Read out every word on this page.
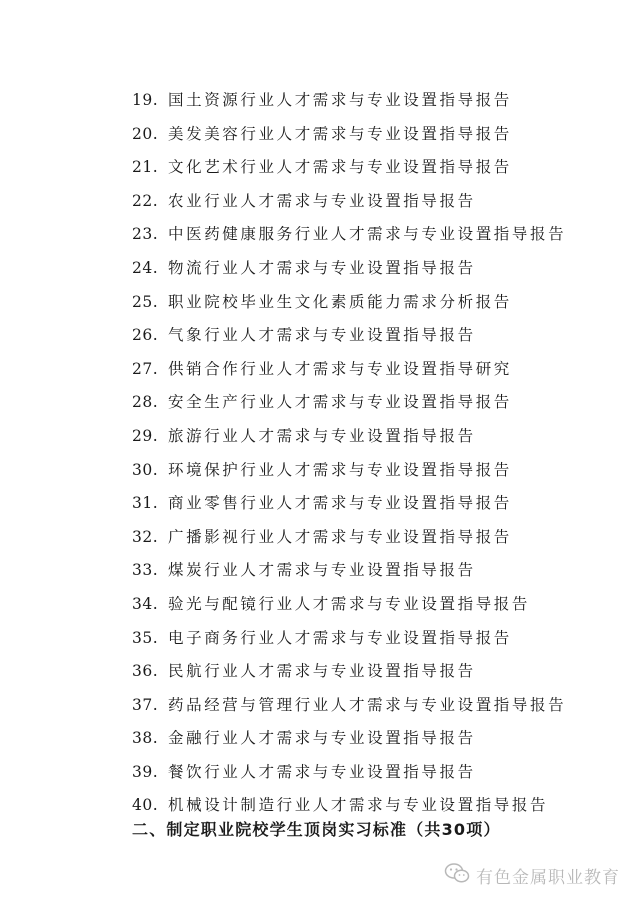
19. 国土资源行业人才需求与专业设置指导报告
20. 美发美容行业人才需求与专业设置指导报告
21. 文化艺术行业人才需求与专业设置指导报告
22. 农业行业人才需求与专业设置指导报告
23. 中医药健康服务行业人才需求与专业设置指导报告
24. 物流行业人才需求与专业设置指导报告
25. 职业院校毕业生文化素质能力需求分析报告
26. 气象行业人才需求与专业设置指导报告
27. 供销合作行业人才需求与专业设置指导研究
28. 安全生产行业人才需求与专业设置指导报告
29. 旅游行业人才需求与专业设置指导报告
30. 环境保护行业人才需求与专业设置指导报告
31. 商业零售行业人才需求与专业设置指导报告
32. 广播影视行业人才需求与专业设置指导报告
33. 煤炭行业人才需求与专业设置指导报告
34. 验光与配镜行业人才需求与专业设置指导报告
35. 电子商务行业人才需求与专业设置指导报告
36. 民航行业人才需求与专业设置指导报告
37. 药品经营与管理行业人才需求与专业设置指导报告
38. 金融行业人才需求与专业设置指导报告
39. 餐饮行业人才需求与专业设置指导报告
40. 机械设计制造行业人才需求与专业设置指导报告
二、制定职业院校学生顶岗实习标准（共30项）
有色金属职业教育
